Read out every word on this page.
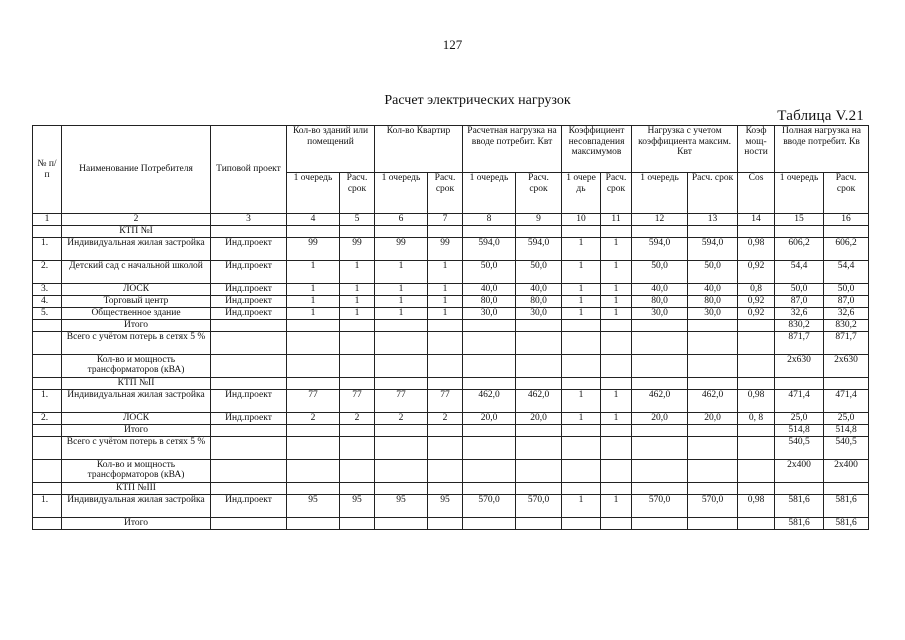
127
Расчет электрических нагрузок
Таблица V.21
№ п/п	Наименование Потребителя	Типовой проект	Кол-во зданий или помещений		Кол-во Квартир		Расчетная нагрузка на вводе потребит. Квт		Коэффициент несовпадения максимумов		Нагрузка с учетом коэффициента максим. Квт		Коэф мощ- ности	Полная нагрузка на вводе потребит. Кв	
			1 очередь	Расч. срок	1 очередь	Расч. срок	1 очередь	Расч. срок	1 очере дь	Расч. срок	1 очередь	Расч. срок	Cos	1 очередь	Расч. срок
1	2	3	4	5	6	7	8	9	10	11	12	13	14	15	16
	КТП №I														
1.	Индивидуальная жилая застройка	Инд.проект	99	99	99	99	594,0	594,0	1	1	594,0	594,0	0,98	606,2	606,2
2.	Детский сад с начальной школой	Инд.проект	1	1	1	1	50,0	50,0	1	1	50,0	50,0	0,92	54,4	54,4
3.	ЛОСК	Инд.проект	1	1	1	1	40,0	40,0	1	1	40,0	40,0	0,8	50,0	50,0
4.	Торговый центр	Инд.проект	1	1	1	1	80,0	80,0	1	1	80,0	80,0	0,92	87,0	87,0
5.	Общественное здание	Инд.проект	1	1	1	1	30,0	30,0	1	1	30,0	30,0	0,92	32,6	32,6
	Итого													830,2	830,2
	Всего с учётом потерь в сетях 5 %													871,7	871,7
	Кол-во и мощность трансформаторов (кВА)													2x630	2x630
	КТП №II														
1.	Индивидуальная жилая застройка	Инд.проект	77	77	77	77	462,0	462,0	1	1	462,0	462,0	0,98	471,4	471,4
2.	ЛОСК	Инд.проект	2	2	2	2	20,0	20,0	1	1	20,0	20,0	0, 8	25,0	25,0
	Итого													514,8	514,8
	Всего с учётом потерь в сетях 5 %													540,5	540,5
	Кол-во и мощность трансформаторов (кВА)													2x400	2x400
	КТП №III														
1.	Индивидуальная жилая застройка	Инд.проект	95	95	95	95	570,0	570,0	1	1	570,0	570,0	0,98	581,6	581,6
	Итого													581,6	581,6
